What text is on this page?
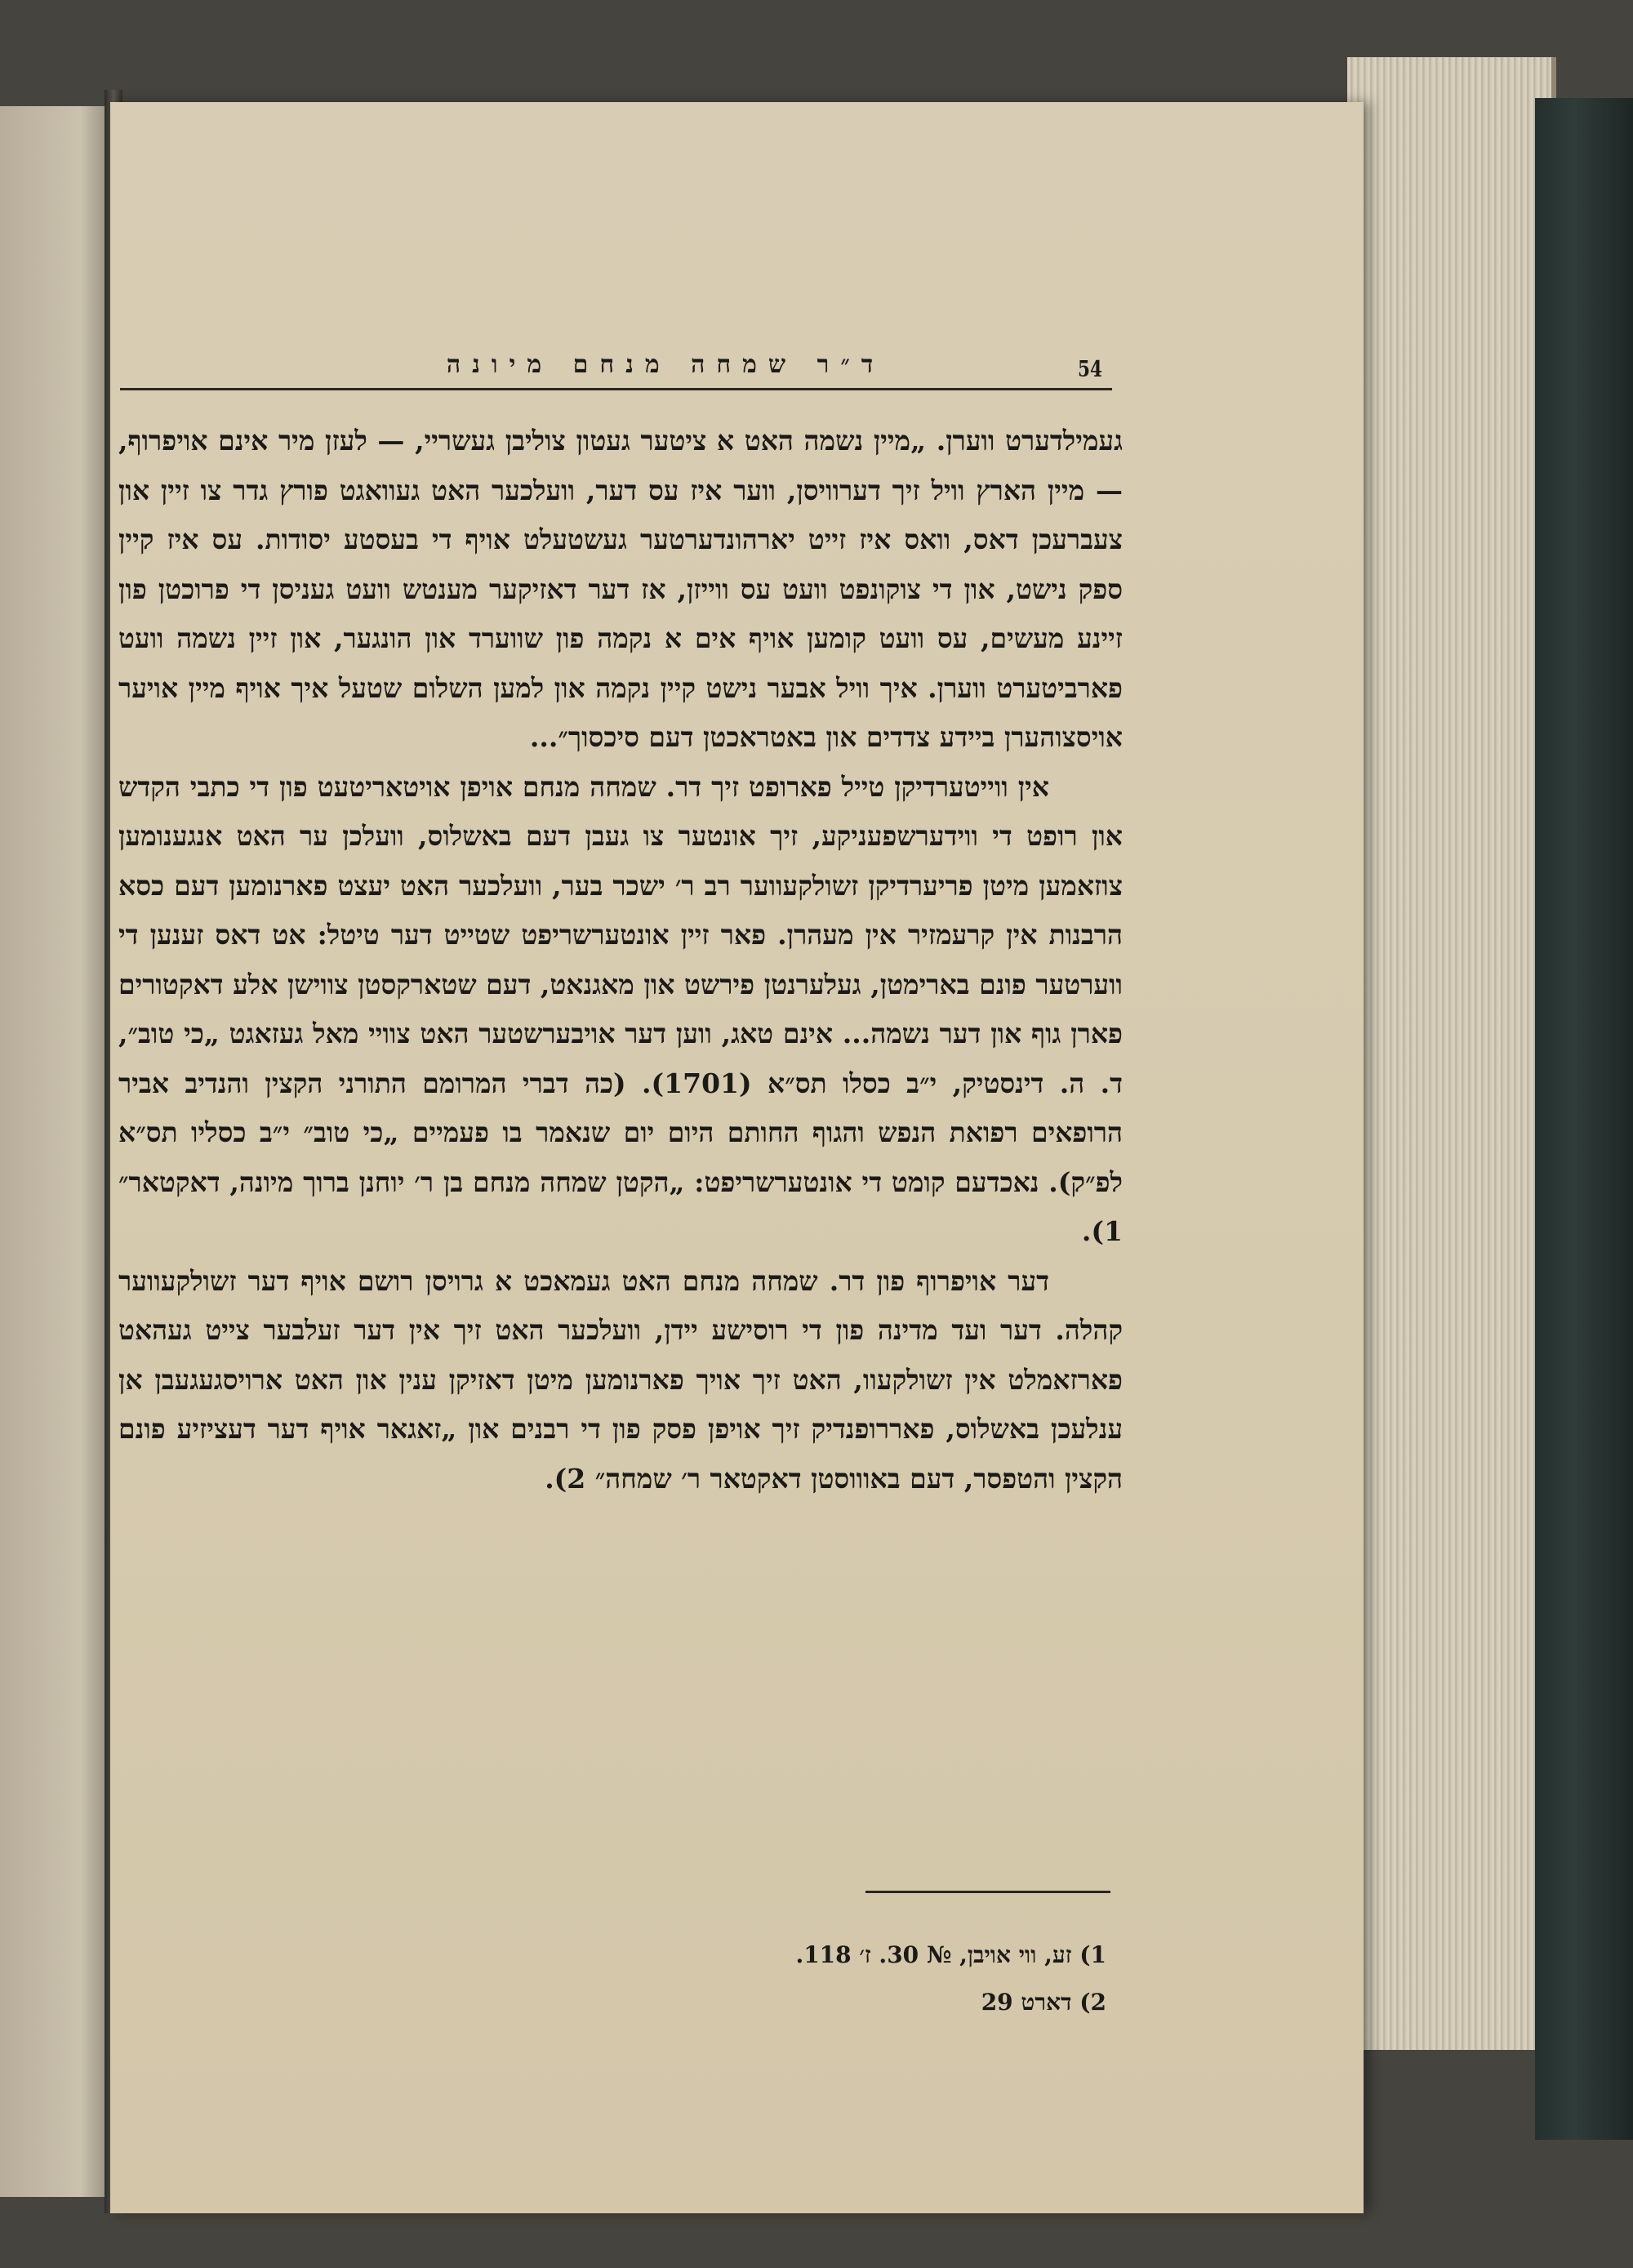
ד״ר שמחה מנחם מיונה	54

געמילדערט ווערן. „מיין נשמה האט א ציטער געטון צוליבן געשריי, — לעזן מיר אינם אויפרוף, — מיין הארץ וויל זיך דערוויסן, ווער איז עס דער, וועלכער האט געוואגט פורץ גדר צו זיין און צעברעכן דאס, וואס איז זייט יארהונדערטער געשטעלט אויף די בעסטע יסודות. עס איז קיין ספק נישט, און די צוקונפט וועט עס ווייזן, אז דער דאזיקער מענטש וועט געניסן די פרוכטן פון זיינע מעשים, עס וועט קומען אויף אים א נקמה פון שווערד און הונגער, און זיין נשמה וועט פארביטערט ווערן. איך וויל אבער נישט קיין נקמה און למען השלום שטעל איך אויף מיין אויער אויסצוהערן ביידע צדדים און באטראכטן דעם סיכסוך״...

אין ווייטערדיקן טייל פארופט זיך דר. שמחה מנחם אויפן אויטאריטעט פון די כתבי הקדש און רופט די ווידערשפעניקע, זיך אונטער צו געבן דעם באשלוס, וועלכן ער האט אנגענומען צוזאמען מיטן פריערדיקן זשולקעווער רב ר׳ ישכר בער, וועלכער האט יעצט פארנומען דעם כסא הרבנות אין קרעמזיר אין מעהרן. פאר זיין אונטערשריפט שטייט דער טיטל: אט דאס זענען די ווערטער פונם בארימטן, געלערנטן פירשט און מאגנאט, דעם שטארקסטן צווישן אלע דאקטורים פארן גוף און דער נשמה... אינם טאג, ווען דער אויבערשטער האט צוויי מאל געזאגט „כי טוב״, ד. ה. דינסטיק, י״ב כסלו תס״א (1701). (כה דברי המרומם התורני הקצין והנדיב אביר הרופאים רפואת הנפש והגוף החותם היום יום שנאמר בו פעמיים „כי טוב״ י״ב כסליו תס״א לפ״ק). נאכדעם קומט די אונטערשריפט: „הקטן שמחה מנחם בן ר׳ יוחנן ברוך מיונה, דאקטאר״ 1).

דער אויפרוף פון דר. שמחה מנחם האט געמאכט א גרויסן רושם אויף דער זשולקעווער קהלה. דער ועד מדינה פון די רוסישע יידן, וועלכער האט זיך אין דער זעלבער צייט געהאט פארזאמלט אין זשולקעוו, האט זיך אויך פארנומען מיטן דאזיקן ענין און האט ארויסגעגעבן אן ענלעכן באשלוס, פאררופנדיק זיך אויפן פסק פון די רבנים און „זאגאר אויף דער דעציזיע פונם הקצין והטפסר, דעם באוווסטן דאקטאר ר׳ שמחה״ 2).

1) זע, ווי אויבן, № 30. ז׳ 118.

2) דארט 29
